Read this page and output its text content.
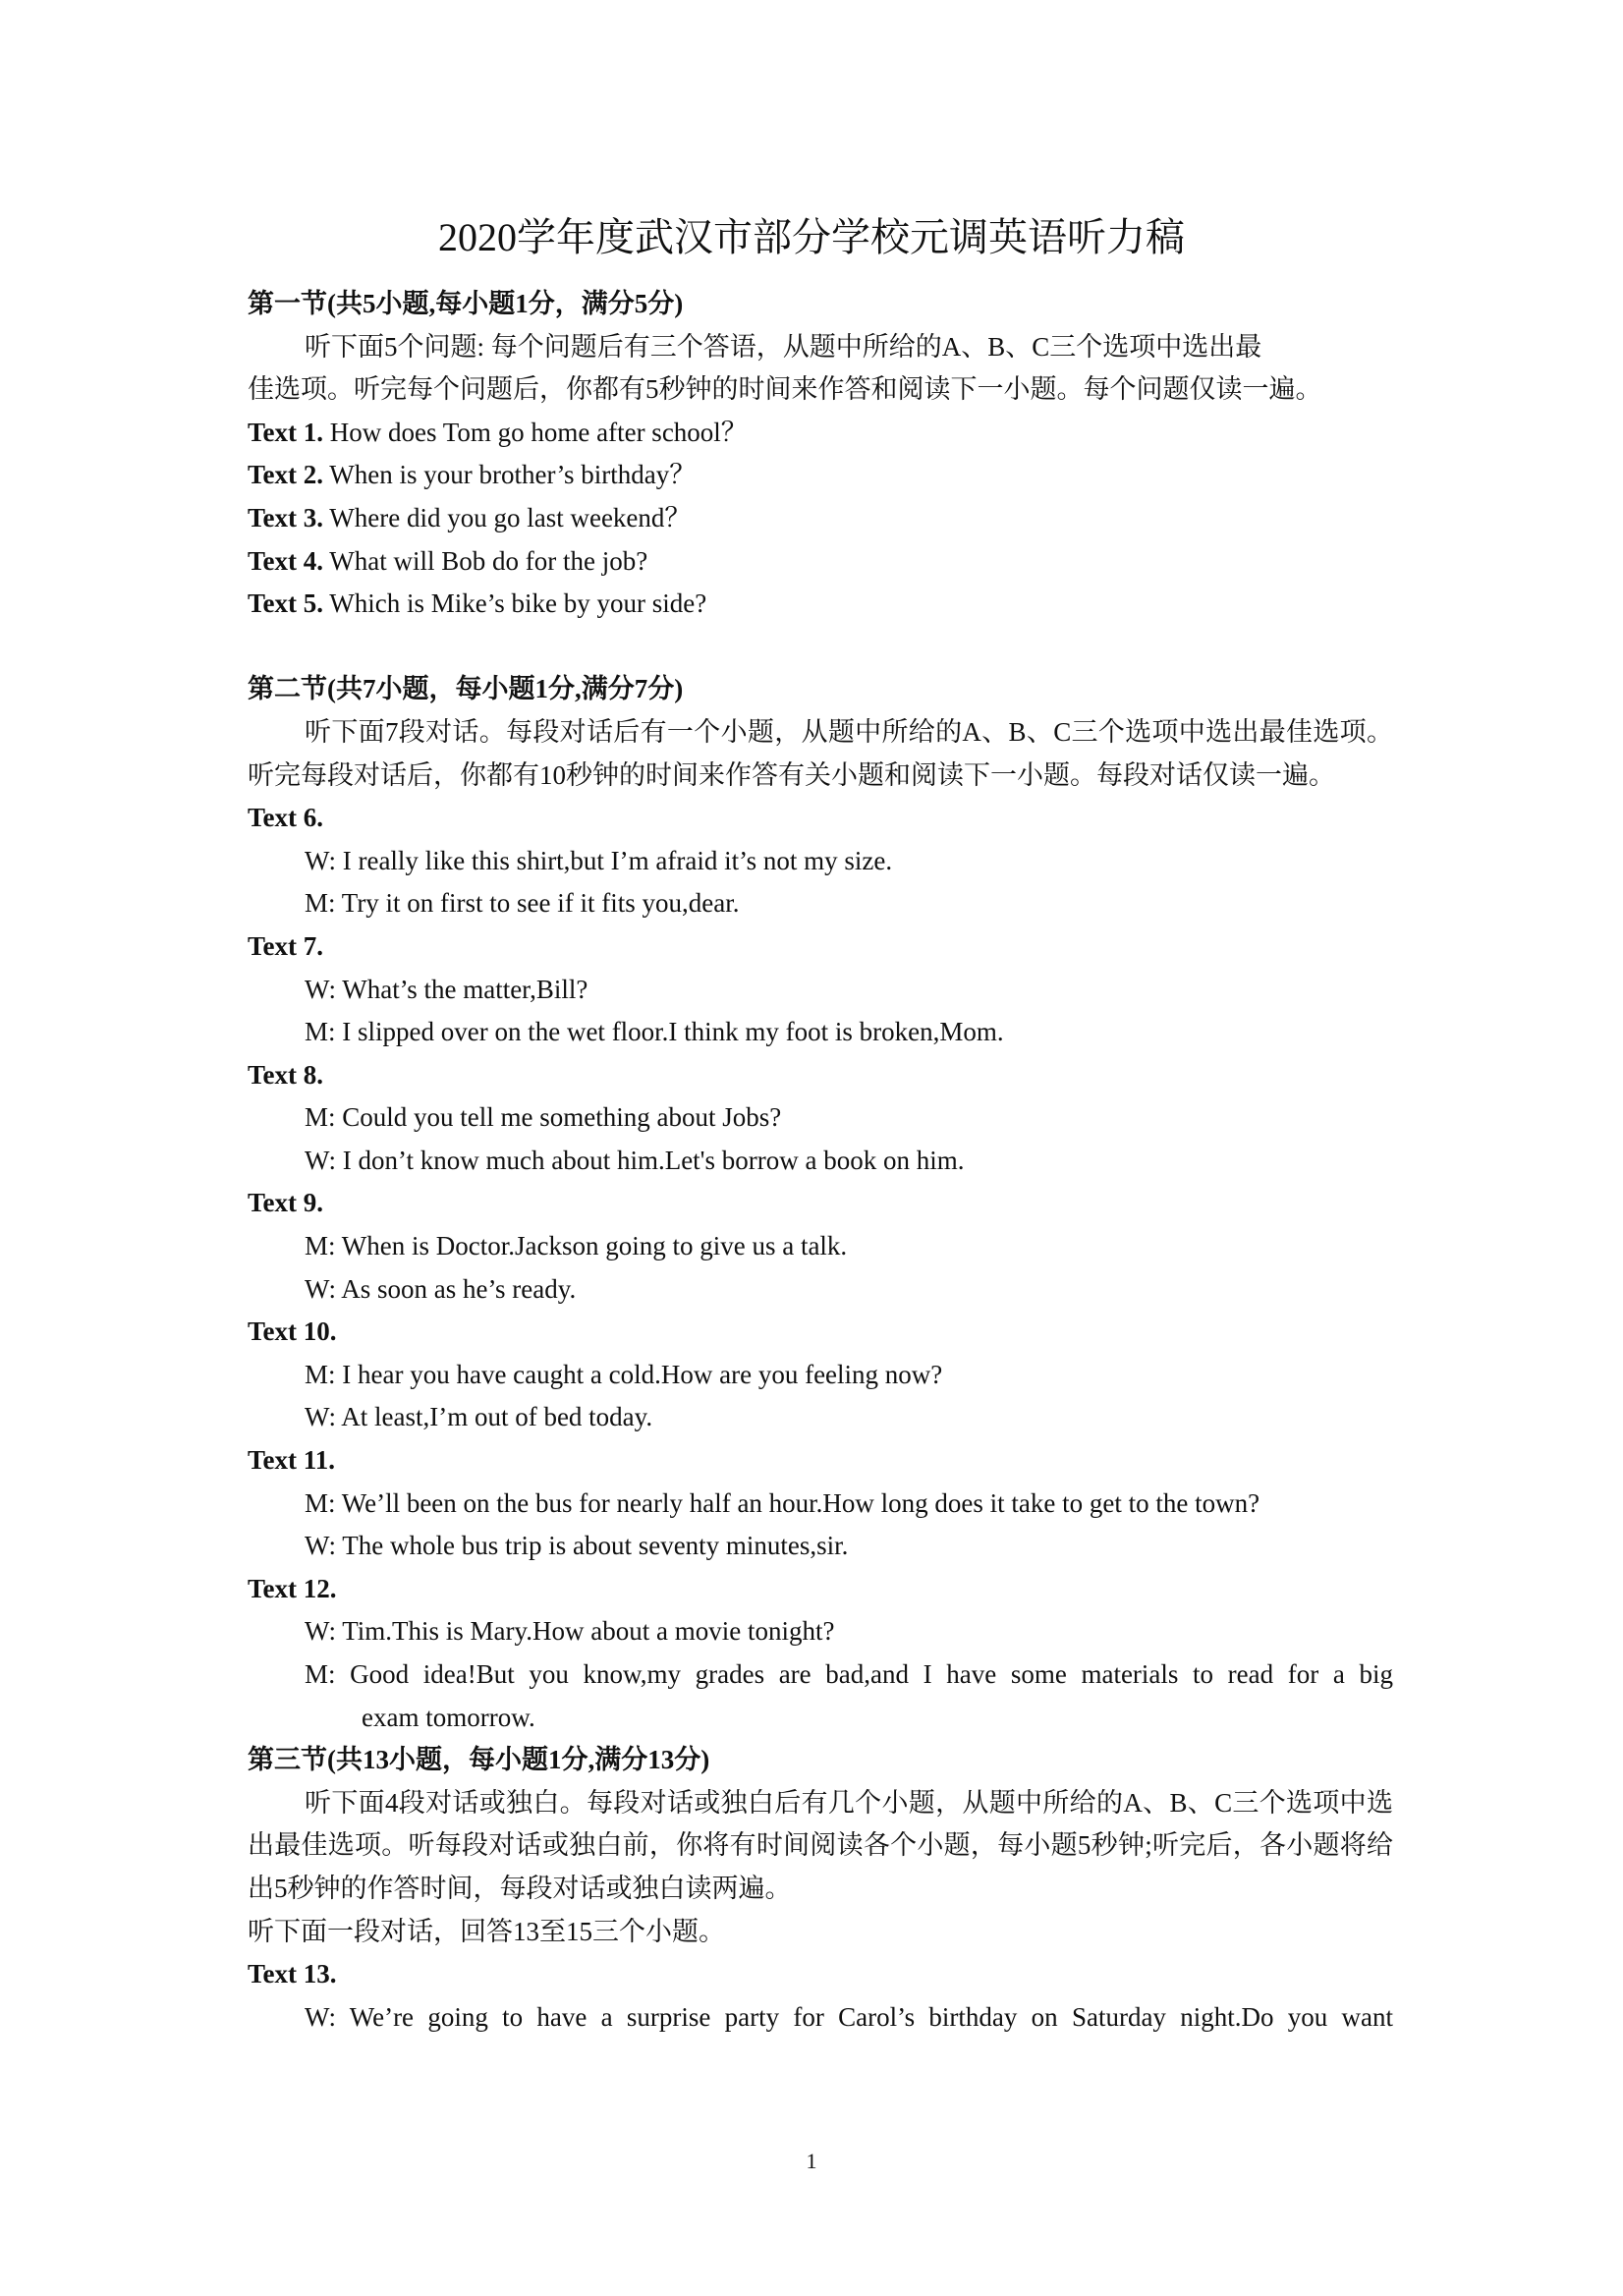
2020学年度武汉市部分学校元调英语听力稿
第一节(共5小题,每小题1分，满分5分)
听下面5个问题: 每个问题后有三个答语，从题中所给的A、B、C三个选项中选出最
佳选项。听完每个问题后，你都有5秒钟的时间来作答和阅读下一小题。每个问题仅读一遍。
Text 1. How does Tom go home after school？
Text 2. When is your brother’s birthday？
Text 3. Where did you go last weekend？
Text 4. What will Bob do for the job?
Text 5. Which is Mike’s bike by your side?
第二节(共7小题，每小题1分,满分7分)

听下面7段对话。每段对话后有一个小题，从题中所给的A、B、C三个选项中选出最佳选项。听完每段对话后，你都有10秒钟的时间来作答有关小题和阅读下一小题。每段对话仅读一遍。

Text 6.
W: I really like this shirt,but I’m afraid it’s not my size.
M: Try it on first to see if it fits you,dear.
Text 7.
W: What’s the matter,Bill?
M: I slipped over on the wet floor.I think my foot is broken,Mom.
Text 8.
M: Could you tell me something about Jobs?
W: I don’t know much about him.Let's borrow a book on him.
Text 9.
M: When is Doctor.Jackson going to give us a talk.
W: As soon as he’s ready.
Text 10.
M: I hear you have caught a cold.How are you feeling now?
W: At least,I’m out of bed today.
Text 11.
M: We’ll been on the bus for nearly half an hour.How long does it take to get to the town?
W: The whole bus trip is about seventy minutes,sir.
Text 12.
W: Tim.This is Mary.How about a movie tonight?
M: Good idea!But you know,my grades are bad,and I have some materials to read for a big
exam tomorrow.
第三节(共13小题，每小题1分,满分13分)

听下面4段对话或独白。每段对话或独白后有几个小题，从题中所给的A、B、C三个选项中选出最佳选项。听每段对话或独白前，你将有时间阅读各个小题，每小题5秒钟;听完后，各小题将给出5秒钟的作答时间，每段对话或独白读两遍。

听下面一段对话，回答13至15三个小题。
Text 13.
W: We’re going to have a surprise party for Carol’s birthday on Saturday night.Do you want
1
